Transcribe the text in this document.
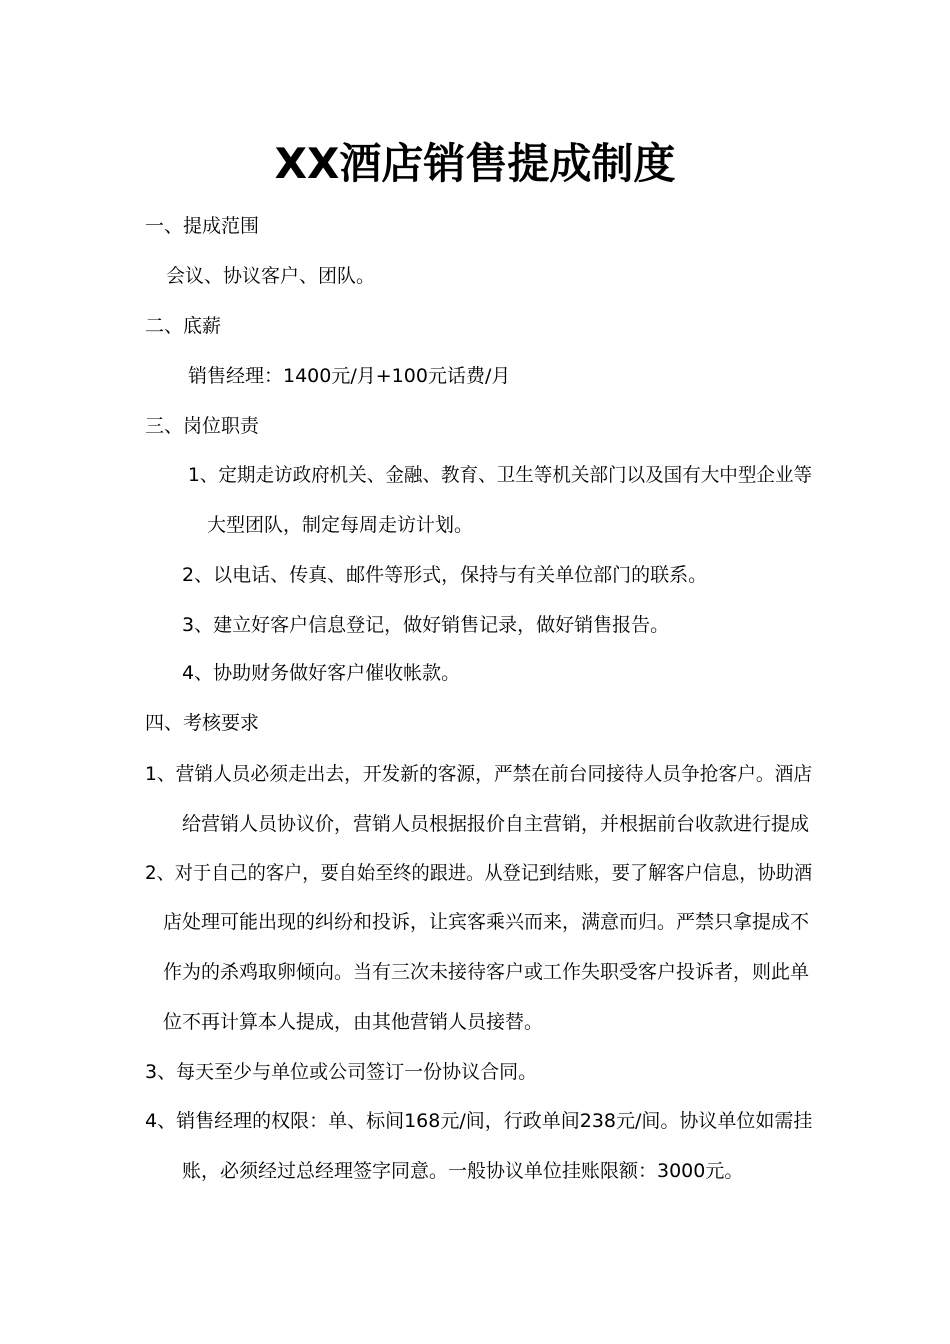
XX酒店销售提成制度
一、提成范围
会议、协议客户、团队。
二、底薪
销售经理：1400元/月+100元话费/月
三、岗位职责
1、定期走访政府机关、金融、教育、卫生等机关部门以及国有大中型企业等
大型团队，制定每周走访计划。
2、以电话、传真、邮件等形式，保持与有关单位部门的联系。
3、建立好客户信息登记，做好销售记录，做好销售报告。
4、协助财务做好客户催收帐款。
四、考核要求
1、营销人员必须走出去，开发新的客源，严禁在前台同接待人员争抢客户。酒店
给营销人员协议价，营销人员根据报价自主营销，并根据前台收款进行提成
2、对于自己的客户，要自始至终的跟进。从登记到结账，要了解客户信息，协助酒
店处理可能出现的纠纷和投诉，让宾客乘兴而来，满意而归。严禁只拿提成不
作为的杀鸡取卵倾向。当有三次未接待客户或工作失职受客户投诉者，则此单
位不再计算本人提成，由其他营销人员接替。
3、每天至少与单位或公司签订一份协议合同。
4、销售经理的权限：单、标间168元/间，行政单间238元/间。协议单位如需挂
账，必须经过总经理签字同意。一般协议单位挂账限额：3000元。
